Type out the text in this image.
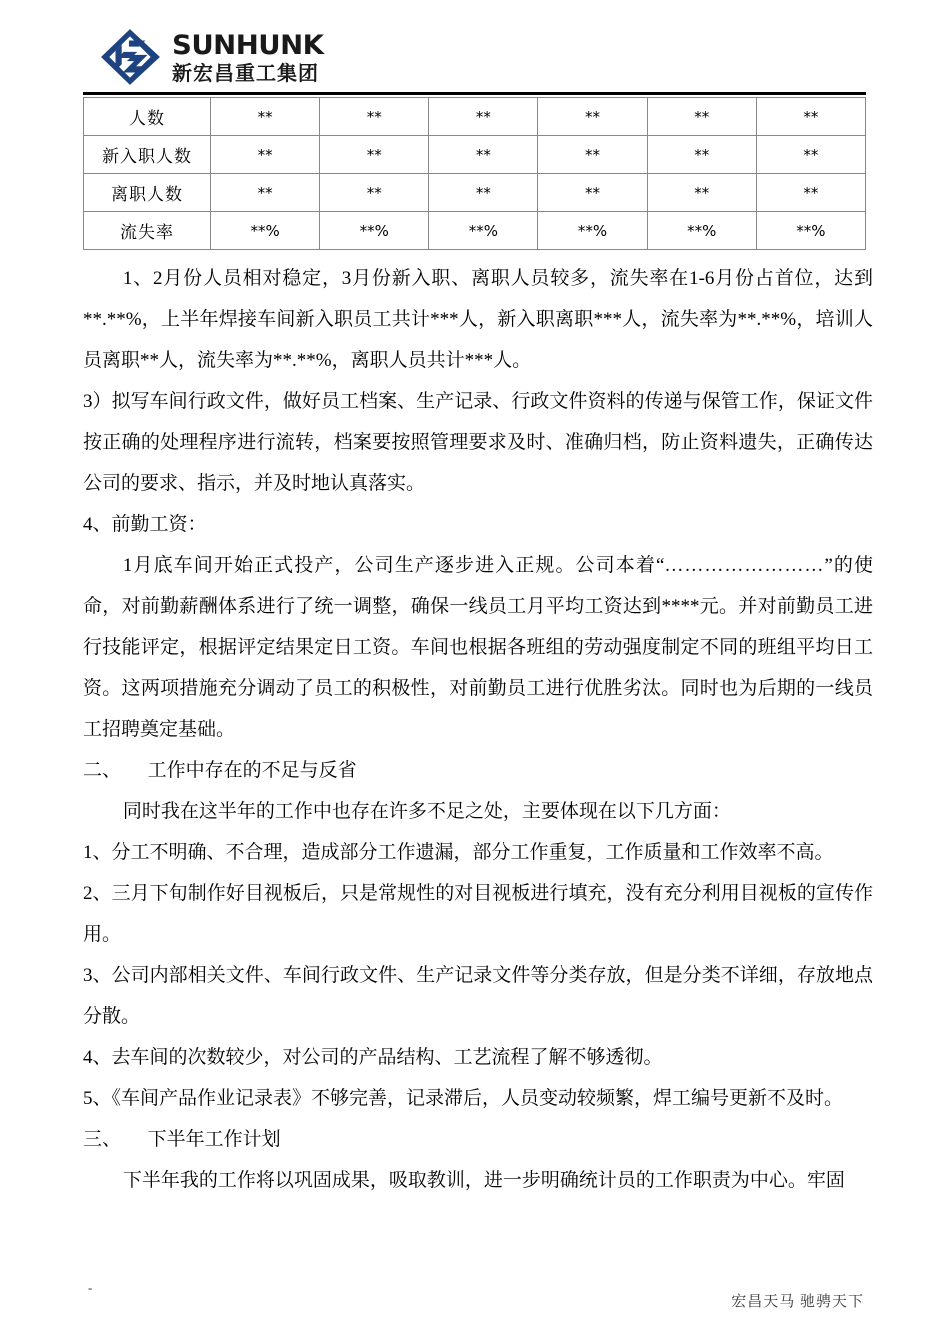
SUNHUNK
新宏昌重工集团
人数	**	**	**	**	**	**
新入职人数	**	**	**	**	**	**
离职人数	**	**	**	**	**	**
流失率	**%	**%	**%	**%	**%	**%

1、2月份人员相对稳定，3月份新入职、离职人员较多，流失率在1-6月份占首位，达到**.**%，上半年焊接车间新入职员工共计***人，新入职离职***人，流失率为**.**%，培训人员离职**人，流失率为**.**%，离职人员共计***人。

3）拟写车间行政文件，做好员工档案、生产记录、行政文件资料的传递与保管工作，保证文件按正确的处理程序进行流转，档案要按照管理要求及时、准确归档，防止资料遗失，正确传达公司的要求、指示，并及时地认真落实。

4、前勤工资：

1月底车间开始正式投产，公司生产逐步进入正规。公司本着“……………………”的使命，对前勤薪酬体系进行了统一调整，确保一线员工月平均工资达到****元。并对前勤员工进行技能评定，根据评定结果定日工资。车间也根据各班组的劳动强度制定不同的班组平均日工资。这两项措施充分调动了员工的积极性，对前勤员工进行优胜劣汰。同时也为后期的一线员工招聘奠定基础。

二、 工作中存在的不足与反省

同时我在这半年的工作中也存在许多不足之处，主要体现在以下几方面：

1、分工不明确、不合理，造成部分工作遗漏，部分工作重复，工作质量和工作效率不高。

2、三月下旬制作好目视板后，只是常规性的对目视板进行填充，没有充分利用目视板的宣传作用。

3、公司内部相关文件、车间行政文件、生产记录文件等分类存放，但是分类不详细，存放地点分散。

4、去车间的次数较少，对公司的产品结构、工艺流程了解不够透彻。

5、《车间产品作业记录表》不够完善，记录滞后，人员变动较频繁，焊工编号更新不及时。

三、 下半年工作计划

下半年我的工作将以巩固成果，吸取教训，进一步明确统计员的工作职责为中心。牢固

-
宏昌天马 驰骋天下
